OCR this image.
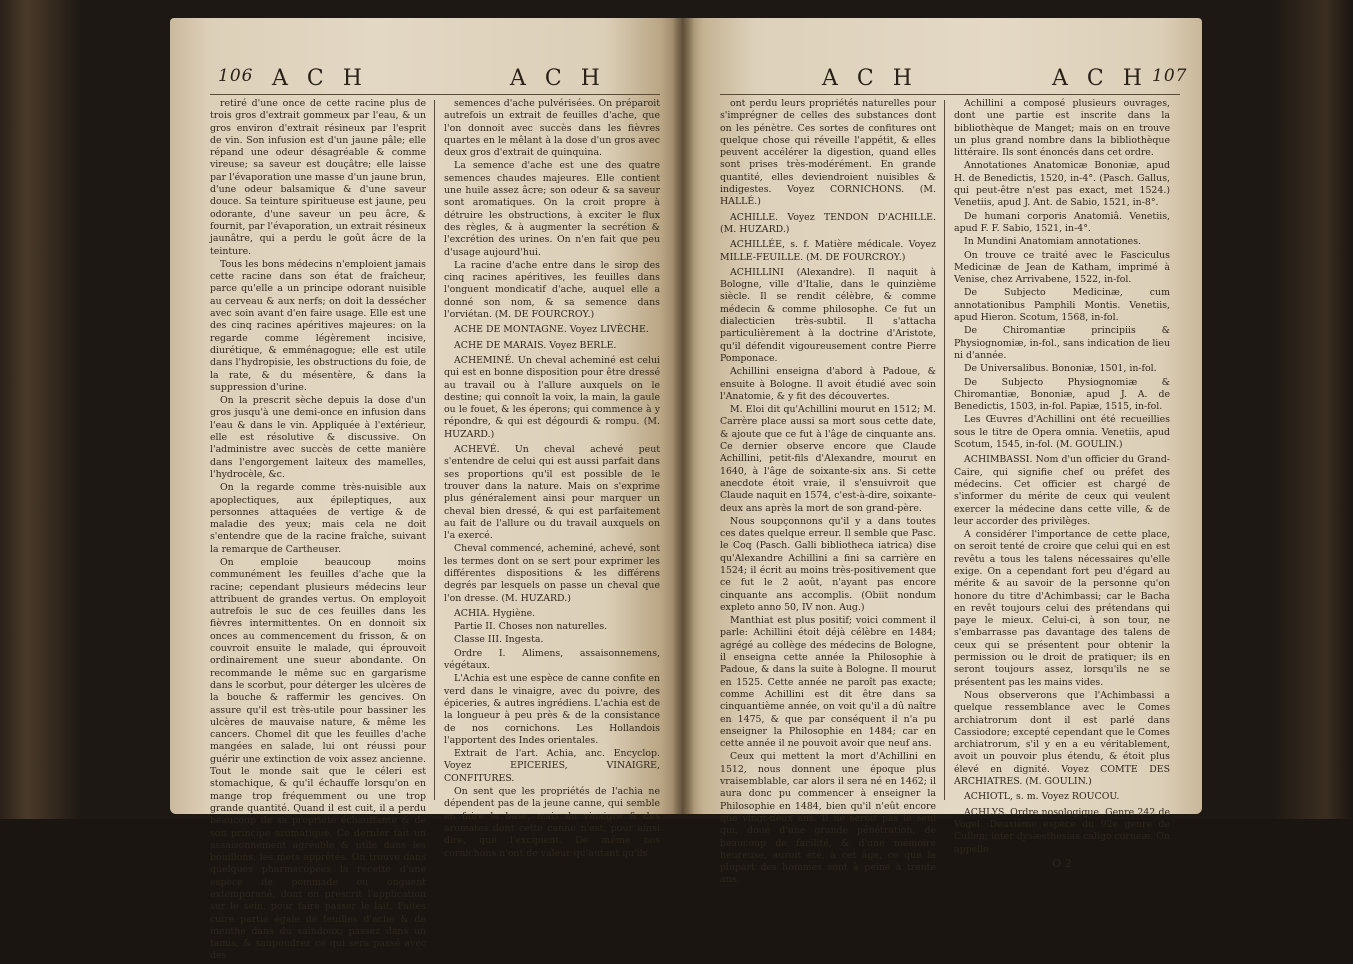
106 A C H	A C H

retiré d'une once de cette racine plus de trois gros d'extrait gommeux par l'eau, & un gros environ d'extrait résineux par l'esprit de vin. Son infusion est d'un jaune pâle; elle répand une odeur désagréable & comme vireuse; sa saveur est douçâtre; elle laisse par l'évaporation une masse d'un jaune brun, d'une odeur balsamique & d'une saveur douce. Sa teinture spiritueuse est jaune, peu odorante, d'une saveur un peu âcre, & fournit, par l'évaporation, un extrait résineux jaunâtre, qui a perdu le goût âcre de la teinture.

Tous les bons médecins n'emploient jamais cette racine dans son état de fraîcheur, parce qu'elle a un principe odorant nuisible au cerveau & aux nerfs; on doit la dessécher avec soin avant d'en faire usage. Elle est une des cinq racines apéritives majeures: on la regarde comme légèrement incisive, diurétique, & emménagogue; elle est utile dans l'hydropisie, les obstructions du foie, de la rate, & du mésentère, & dans la suppression d'urine.

On la prescrit sèche depuis la dose d'un gros jusqu'à une demi-once en infusion dans l'eau & dans le vin. Appliquée à l'extérieur, elle est résolutive & discussive. On l'administre avec succès de cette manière dans l'engorgement laiteux des mamelles, l'hydrocèle, &c.

On la regarde comme très-nuisible aux apoplectiques, aux épileptiques, aux personnes attaquées de vertige & de maladie des yeux; mais cela ne doit s'entendre que de la racine fraîche, suivant la remarque de Cartheuser.

On emploie beaucoup moins communément les feuilles d'ache que la racine; cependant plusieurs médecins leur attribuent de grandes vertus. On employoit autrefois le suc de ces feuilles dans les fièvres intermittentes. On en donnoit six onces au commencement du frisson, & on couvroit ensuite le malade, qui éprouvoit ordinairement une sueur abondante. On recommande le même suc en gargarisme dans le scorbut, pour déterger les ulcères de la bouche & raffermir les gencives. On assure qu'il est très-utile pour bassiner les ulcères de mauvaise nature, & même les cancers. Chomel dit que les feuilles d'ache mangées en salade, lui ont réussi pour guérir une extinction de voix assez ancienne. Tout le monde sait que le céleri est stomachique, & qu'il échauffe lorsqu'on en mange trop fréquemment ou une trop grande quantité. Quand il est cuit, il a perdu beaucoup de sa propriété échauffante & de son principe aromatique. Ce dernier fait un assaisonnement agréable & utile dans les bouillons, les mets apprêtés. On trouve dans quelques pharmacopées la recette d'une espèce de pommade ou onguent extemporané, dont on prescrit l'application sur le sein, pour faire passer le lait. Faites cuire partie égale de feuilles d'ache & de menthe dans du saindoux; passez dans un tamis, & saupoudrez ce qui sera passé avec des

semences d'ache pulvérisées. On préparoit autrefois un extrait de feuilles d'ache, que l'on donnoit avec succès dans les fièvres quartes en le mêlant à la dose d'un gros avec deux gros d'extrait de quinquina.

La semence d'ache est une des quatre semences chaudes majeures. Elle contient une huile assez âcre; son odeur & sa saveur sont aromatiques. On la croit propre à détruire les obstructions, à exciter le flux des règles, & à augmenter la secrétion & l'excrétion des urines. On n'en fait que peu d'usage aujourd'hui.

La racine d'ache entre dans le sirop des cinq racines apéritives, les feuilles dans l'onguent mondicatif d'ache, auquel elle a donné son nom, & sa semence dans l'orviétan. (M. DE FOURCROY.)

ACHE DE MONTAGNE. Voyez LIVÈCHE.

ACHE DE MARAIS. Voyez BERLE.

ACHEMINÉ. Un cheval acheminé est celui qui est en bonne disposition pour être dressé au travail ou à l'allure auxquels on le destine; qui connoît la voix, la main, la gaule ou le fouet, & les éperons; qui commence à y répondre, & qui est dégourdi & rompu. (M. HUZARD.)

ACHEVÉ. Un cheval achevé peut s'entendre de celui qui est aussi parfait dans ses proportions qu'il est possible de le trouver dans la nature. Mais on s'exprime plus généralement ainsi pour marquer un cheval bien dressé, & qui est parfaitement au fait de l'allure ou du travail auxquels on l'a exercé.

Cheval commencé, acheminé, achevé, sont les termes dont on se sert pour exprimer les différentes dispositions & les différens degrés par lesquels on passe un cheval que l'on dresse. (M. HUZARD.)

ACHIA. Hygiène.

Partie II. Choses non naturelles.

Classe III. Ingesta.

Ordre I. Alimens, assaisonnemens, végétaux.

L'Achia est une espèce de canne confite en verd dans le vinaigre, avec du poivre, des épiceries, & autres ingrédiens. L'achia est de la longueur à peu près & de la consistance de nos cornichons. Les Hollandois l'apportent des Indes orientales.

Extrait de l'art. Achia, anc. Encyclop. Voyez EPICERIES, VINAIGRE, CONFITURES.

On sent que les propriétés de l'achia ne dépendent pas de la jeune canne, qui semble en faire la base, mais du vinaigre & des aromates dont cette canne n'est, pour ainsi dire, que l'excipient. De même nos cornichons n'ont de valeur qu'autant qu'ils

A C H	A C H 107

ont perdu leurs propriétés naturelles pour s'imprégner de celles des substances dont on les pénètre. Ces sortes de confitures ont quelque chose qui réveille l'appétit, & elles peuvent accélérer la digestion, quand elles sont prises très-modérément. En grande quantité, elles deviendroient nuisibles & indigestes. Voyez CORNICHONS. (M. HALLÉ.)

ACHILLE. Voyez TENDON D'ACHILLE. (M. HUZARD.)

ACHILLÉE, s. f. Matière médicale. Voyez MILLE-FEUILLE. (M. DE FOURCROY.)

ACHILLINI (Alexandre). Il naquit à Bologne, ville d'Italie, dans le quinzième siècle. Il se rendit célèbre, & comme médecin & comme philosophe. Ce fut un dialecticien très-subtil. Il s'attacha particulièrement à la doctrine d'Aristote, qu'il défendit vigoureusement contre Pierre Pomponace.

Achillini enseigna d'abord à Padoue, & ensuite à Bologne. Il avoit étudié avec soin l'Anatomie, & y fit des découvertes.

M. Eloi dit qu'Achillini mourut en 1512; M. Carrère place aussi sa mort sous cette date, & ajoute que ce fut à l'âge de cinquante ans. Ce dernier observe encore que Claude Achillini, petit-fils d'Alexandre, mourut en 1640, à l'âge de soixante-six ans. Si cette anecdote étoit vraie, il s'ensuivroit que Claude naquit en 1574, c'est-à-dire, soixante-deux ans après la mort de son grand-père.

Nous soupçonnons qu'il y a dans toutes ces dates quelque erreur. Il semble que Pasc. le Coq (Pasch. Galli bibliotheca iatrica) dise qu'Alexandre Achillini a fini sa carrière en 1524; il écrit au moins très-positivement que ce fut le 2 août, n'ayant pas encore cinquante ans accomplis. (Obiit nondum expleto anno 50, IV non. Aug.)

Manthiat est plus positif; voici comment il parle: Achillini étoit déjà célèbre en 1484; agrégé au collège des médecins de Bologne, il enseigna cette année la Philosophie à Padoue, & dans la suite à Bologne. Il mourut en 1525. Cette année ne paroît pas exacte; comme Achillini est dit être dans sa cinquantième année, on voit qu'il a dû naître en 1475, & que par conséquent il n'a pu enseigner la Philosophie en 1484; car en cette année il ne pouvoit avoir que neuf ans.

Ceux qui mettent la mort d'Achillini en 1512, nous donnent une époque plus vraisemblable, car alors il sera né en 1462; il aura donc pu commencer à enseigner la Philosophie en 1484, bien qu'il n'eût encore que vingt-deux ans. Il ne seroit pas le seul qui, doué d'une grande pénétration, de beaucoup de facilité, & d'une mémoire heureuse, auroit été, à cet âge, ce que la plupart des hommes sont à peine à trente ans.

Achillini a composé plusieurs ouvrages, dont une partie est inscrite dans la bibliothèque de Manget; mais on en trouve un plus grand nombre dans la bibliothèque littéraire. Ils sont énoncés dans cet ordre.

Annotationes Anatomicæ Bononiæ, apud H. de Benedictis, 1520, in-4°. (Pasch. Gallus, qui peut-être n'est pas exact, met 1524.) Venetiis, apud J. Ant. de Sabio, 1521, in-8°.

De humani corporis Anatomiâ. Venetiis, apud F. F. Sabio, 1521, in-4°.

In Mundini Anatomiam annotationes.

On trouve ce traité avec le Fasciculus Medicinæ de Jean de Katham, imprimé à Venise, chez Arrivabene, 1522, in-fol.

De Subjecto Medicinæ, cum annotationibus Pamphili Montis. Venetiis, apud Hieron. Scotum, 1568, in-fol.

De Chiromantiæ principiis & Physiognomiæ, in-fol., sans indication de lieu ni d'année.

De Universalibus. Bononiæ, 1501, in-fol.

De Subjecto Physiognomiæ & Chiromantiæ, Bononiæ, apud J. A. de Benedictis, 1503, in-fol. Papiæ, 1515, in-fol.

Les Œuvres d'Achillini ont été recueillies sous le titre de Opera omnia. Venetiis, apud Scotum, 1545, in-fol. (M. GOULIN.)

ACHIMBASSI. Nom d'un officier du Grand-Caire, qui signifie chef ou préfet des médecins. Cet officier est chargé de s'informer du mérite de ceux qui veulent exercer la médecine dans cette ville, & de leur accorder des privilèges.

A considérer l'importance de cette place, on seroit tenté de croire que celui qui en est revêtu a tous les talens nécessaires qu'elle exige. On a cependant fort peu d'égard au mérite & au savoir de la personne qu'on honore du titre d'Achimbassi; car le Bacha en revêt toujours celui des prétendans qui paye le mieux. Celui-ci, à son tour, ne s'embarrasse pas davantage des talens de ceux qui se présentent pour obtenir la permission ou le droit de pratiquer; ils en seront toujours assez, lorsqu'ils ne se présentent pas les mains vides.

Nous observerons que l'Achimbassi a quelque ressemblance avec le Comes archiatrorum dont il est parlé dans Cassiodore; excepté cependant que le Comes archiatrorum, s'il y en a eu véritablement, avoit un pouvoir plus étendu, & étoit plus élevé en dignité. Voyez COMTE DES ARCHIATRES. (M. GOULIN.)

ACHIOTL, s. m. Voyez ROUCOU.

ACHLYS. Ordre nosologique. Genre 242 de Vogel. Deuxième espèce du 92e genre de Cullen; inter dysæsthesias caligo corneæ. On appelle

O 2
